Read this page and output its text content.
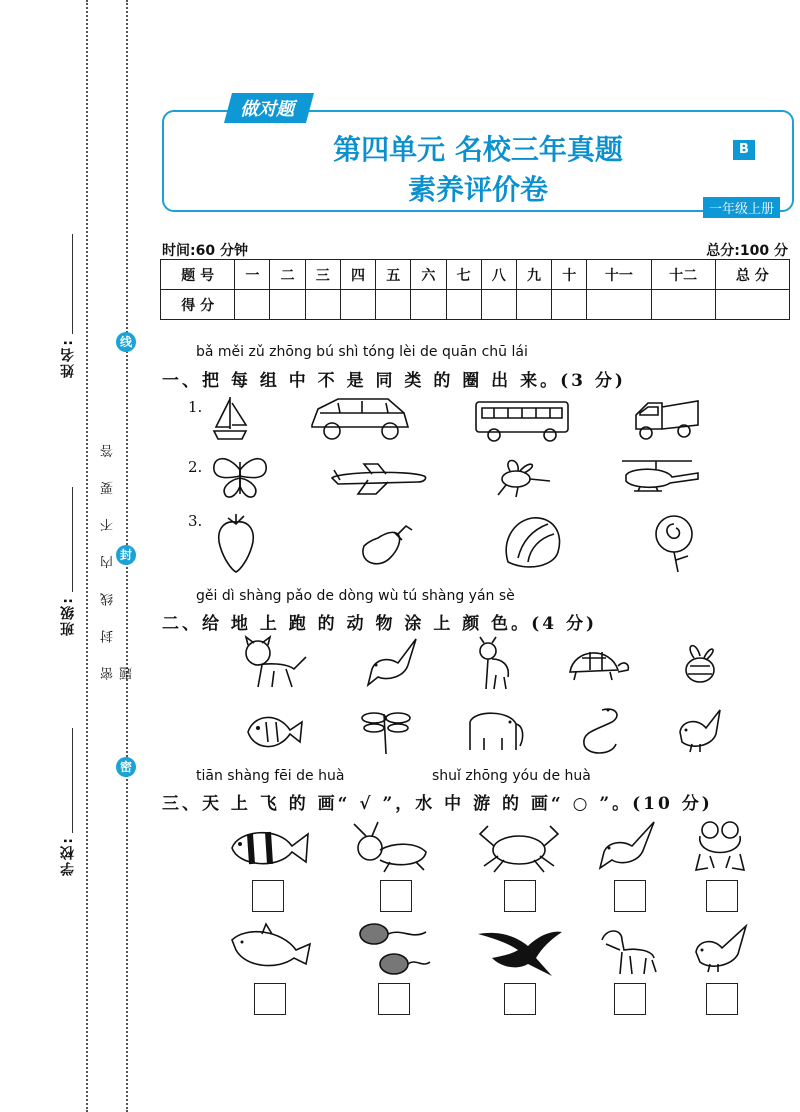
姓名:
班级:
学校:
密 封 线 内 不 要 答 题
线
封
密
第四单元 名校三年真题
素养评价卷
一年级上册
做对题
B
时间:60 分钟	总分:100 分
题 号	一	二	三	四	五	六	七	八	九	十	十一	十二	总 分
得 分													
bǎ měi zǔ zhōng bú shì tóng lèi de quān chū lái
一、把 每 组 中 不 是 同 类 的 圈 出 来。(3 分)
1.
2.
3.
gěi dì shàng pǎo de dòng wù tú shàng yán sè
二、给 地 上 跑 的 动 物 涂 上 颜 色。(4 分)
tiān shàng fēi de huà	shuǐ zhōng yóu de huà
三、天 上 飞 的 画“ √ ”，水 中 游 的 画“ ○ ”。(10 分)
